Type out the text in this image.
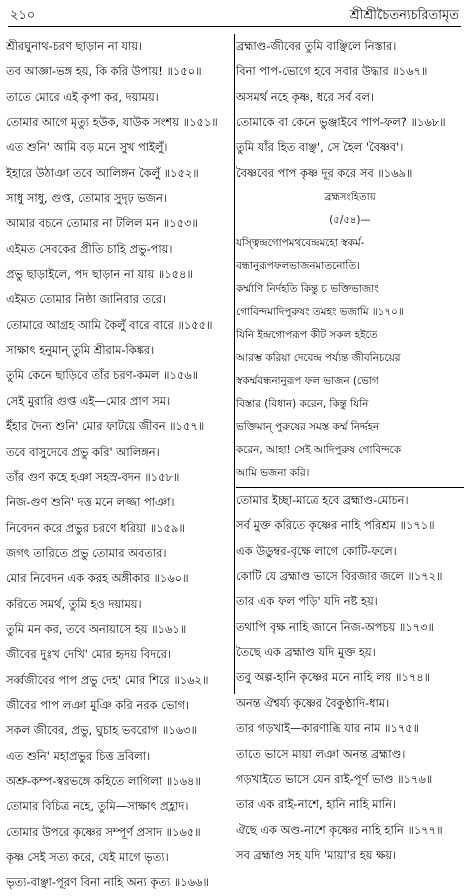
২১০	শ্রীশ্রীচৈতন্যচরিতামৃত
শ্রীরঘুনাথ-চরণ ছাড়ান না যায়।
তব আজ্ঞা-ভঙ্গ হয়, কি করি উপায়! ॥১৫০॥
তাতে মোরে এই কৃপা কর, দয়াময়।
তোমার আগে মৃত্যু হউক, যাউক সংশয় ॥১৫১॥
এত শুনি' আমি বড় মনে সুখ পাইলুঁ।
ইহারে উঠাঞা তবে আলিঙ্গন কৈলুঁ ॥১৫২॥
সাধু সাধু, গুপ্ত, তোমার সুদৃঢ় ভজন।
আমার বচনে তোমার না টলিল মন ॥১৫৩॥
এইমত সেবকের প্রীতি চাহি প্রভু-পায়।
প্রভু ছাড়াইলে, পদ ছাড়ান না যায় ॥১৫৪॥
এইমত তোমার নিষ্ঠা জানিবার তরে।
তোমারে আগ্রহ আমি কৈলুঁ বারে বারে ॥১৫৫॥
সাক্ষাৎ হনুমান্ তুমি শ্রীরাম-কিঙ্কর।
তুমি কেনে ছাড়িবে তাঁর চরণ-কমল ॥১৫৬॥
সেই মুরারি গুপ্ত এই—মোর প্রাণ সম।
ইঁহার দৈন্য শুনি' মোর ফাটয়ে জীবন ॥১৫৭॥
তবে বাসুদেবে প্রভু করি' আলিঙ্গন।
তাঁর গুণ কহে হঞা সহস্র-বদন ॥১৫৮॥
নিজ-গুণ শুনি' দত্ত মনে লজ্জা পাঞা।
নিবেদন করে প্রভুর চরণে ধরিয়া ॥১৫৯॥
জগৎ তারিতে প্রভু তোমার অবতার।
মোর নিবেদন এক করহ অঙ্গীকার ॥১৬০॥
করিতে সমর্থ, তুমি হও দয়াময়।
তুমি মন কর, তবে অনায়াসে হয় ॥১৬১॥
জীবের দুঃখ দেখি' মোর হৃদয় বিদরে।
সর্ব্বজীবের পাপ প্রভু দেহ' মোর শিরে ॥১৬২॥
জীবের পাপ লঞা মুঞি করি নরক ভোগ।
সকল জীবের, প্রভু, ঘুচাহ ভবরোগ ॥১৬৩॥
এত শুনি' মহাপ্রভুর চিত্ত দ্রবিলা।
অশ্রু-কম্প-স্বরভঙ্গে কহিতে লাগিলা ॥১৬৪॥
তোমার বিচিত্র নহে, তুমি—সাক্ষাৎ প্রহ্লাদ।
তোমার উপরে কৃষ্ণের সম্পূর্ণ প্রসাদ ॥১৬৫॥
কৃষ্ণ সেই সত্য করে, যেই মাগে ভৃত্য।
ভৃত্য-বাঞ্ছা-পূরণ বিনা নাহি অন্য কৃত্য ॥১৬৬॥
ব্রহ্মাণ্ড-জীবের তুমি বাঞ্ছিলে নিস্তার।
বিনা পাপ-ভোগে হবে সবার উদ্ধার ॥১৬৭॥
অসমর্থ নহে কৃষ্ণ, ধরে সর্ব বল।
তোমাকে বা কেনে ভুঞ্জাইবে পাপ-ফল? ॥১৬৮॥
তুমি যাঁর হিত বাঞ্ছ', সে হৈল 'বৈষ্ণব'।
বৈষ্ণবের পাপ কৃষ্ণ দূর করে সব ॥১৬৯॥
ব্রহ্মসংহিতায়
(৫/৫৪)—
যস্ত্বিন্দ্রগোপমথবেন্দ্রমহো স্বকর্ম-
বন্ধানুরূপফলভাজনমাতনোতি।
কর্ম্মাণি নির্দহতি কিন্তু চ ভক্তিভাজাং
গোবিন্দমাদিপুরুষং তমহং ভজামি ॥১৭০॥
যিনি ইন্দ্রগোপরূপ কীট সকল হইতে
আরম্ভ করিয়া দেবেন্দ্র পর্য্যন্ত জীবনিচয়ের
স্বকর্ম্মবন্ধনানুরূপ ফল ভাজন (ভোগ
বিস্তার (বিধান) করেন, কিন্তু যিনি
ভক্তিমান্ পুরুষের সমস্ত কর্ম্ম নির্দ্দহন
করেন, আহা! সেই আদিপুরুষ গোবিন্দকে
আমি ভজনা করি।
তোমার ইচ্ছা-মাত্রে হবে ব্রহ্মাণ্ড-মোচন।
সর্ব মুক্ত করিতে কৃষ্ণের নাহি পরিশ্রম ॥১৭১॥
এক উডুম্বর-বৃক্ষে লাগে কোটি-ফলে।
কোটি যে ব্রহ্মাণ্ড ভাসে বিরজার জলে ॥১৭২॥
তার এক ফল পড়ি' যদি নষ্ট হয়।
তথাপি বৃক্ষ নাহি জানে নিজ-অপচয় ॥১৭৩॥
তৈছে এক ব্রহ্মাণ্ড যদি মুক্ত হয়।
তবু অল্প-হানি কৃষ্ণের মনে নাহি লয় ॥১৭৪॥
অনন্ত ঐশ্বর্য্য কৃষ্ণের বৈকুণ্ঠাদি-ধাম।
তার গড়খাই—কারণাব্ধি যার নাম ॥১৭৫॥
তাতে ভাসে মায়া লঞা অনন্ত ব্রহ্মাণ্ড।
গড়খাইতে ভাসে যেন রাই-পূর্ণ ভাণ্ড ॥১৭৬॥
তার এক রাই-নাশে, হানি নাহি মানি।
ঐছে এক অণ্ড-নাশে কৃষ্ণের নাহি হানি ॥১৭৭॥
সব ব্রহ্মাণ্ড সহ যদি 'মায়া'র হয় ক্ষয়।
